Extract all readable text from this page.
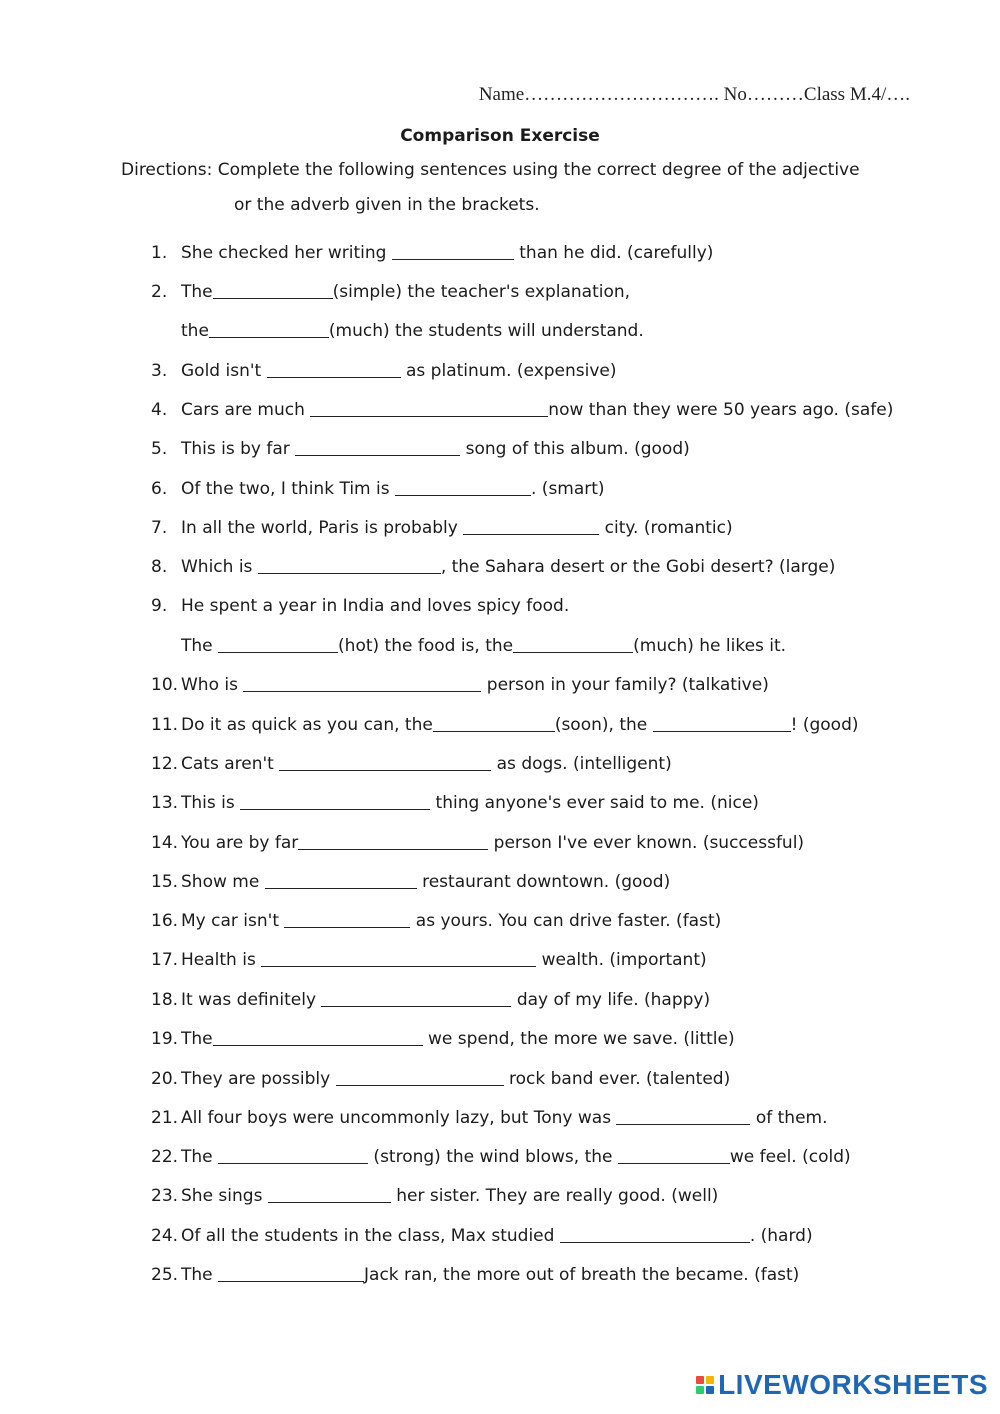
Name…………………………. No………Class M.4/….
Comparison Exercise
Directions: Complete the following sentences using the correct degree of the adjective
or the adverb given in the brackets.
1. She checked her writing	than he did. (carefully)
2. The	(simple) the teacher's explanation,
the	(much) the students will understand.
3. Gold isn't	as platinum. (expensive)
4. Cars are much	now than they were 50 years ago. (safe)
5. This is by far	song of this album. (good)
6. Of the two, I think Tim is	. (smart)
7. In all the world, Paris is probably	city. (romantic)
8. Which is	, the Sahara desert or the Gobi desert? (large)
9. He spent a year in India and loves spicy food.
The	(hot) the food is, the	(much) he likes it.
10. Who is	person in your family? (talkative)
11. Do it as quick as you can, the	(soon), the	! (good)
12. Cats aren't	as dogs. (intelligent)
13. This is	thing anyone's ever said to me. (nice)
14. You are by far	person I've ever known. (successful)
15. Show me	restaurant downtown. (good)
16. My car isn't	as yours. You can drive faster. (fast)
17. Health is	wealth. (important)
18. It was definitely	day of my life. (happy)
19. The	we spend, the more we save. (little)
20. They are possibly	rock band ever. (talented)
21. All four boys were uncommonly lazy, but Tony was	of them.
22. The	(strong) the wind blows, the	we feel. (cold)
23. She sings	her sister. They are really good. (well)
24. Of all the students in the class, Max studied	. (hard)
25. The	Jack ran, the more out of breath the became. (fast)
LIVEWORKSHEETS
